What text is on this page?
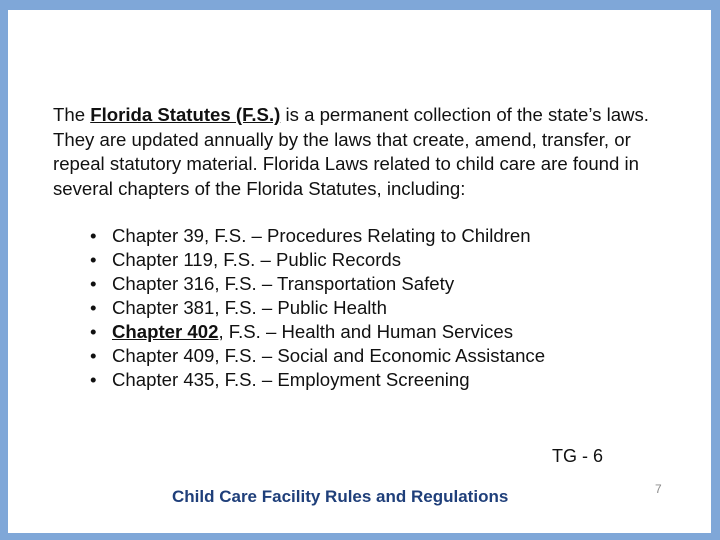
The Florida Statutes (F.S.) is a permanent collection of the state’s laws. They are updated annually by the laws that create, amend, transfer, or repeal statutory material. Florida Laws related to child care are found in several chapters of the Florida Statutes, including:

• Chapter 39, F.S. – Procedures Relating to Children
• Chapter 119, F.S. – Public Records
• Chapter 316, F.S. – Transportation Safety
• Chapter 381, F.S. – Public Health
• Chapter 402, F.S. – Health and Human Services
• Chapter 409, F.S. – Social and Economic Assistance
• Chapter 435, F.S. – Employment Screening
TG - 6
Child Care Facility Rules and Regulations	7
